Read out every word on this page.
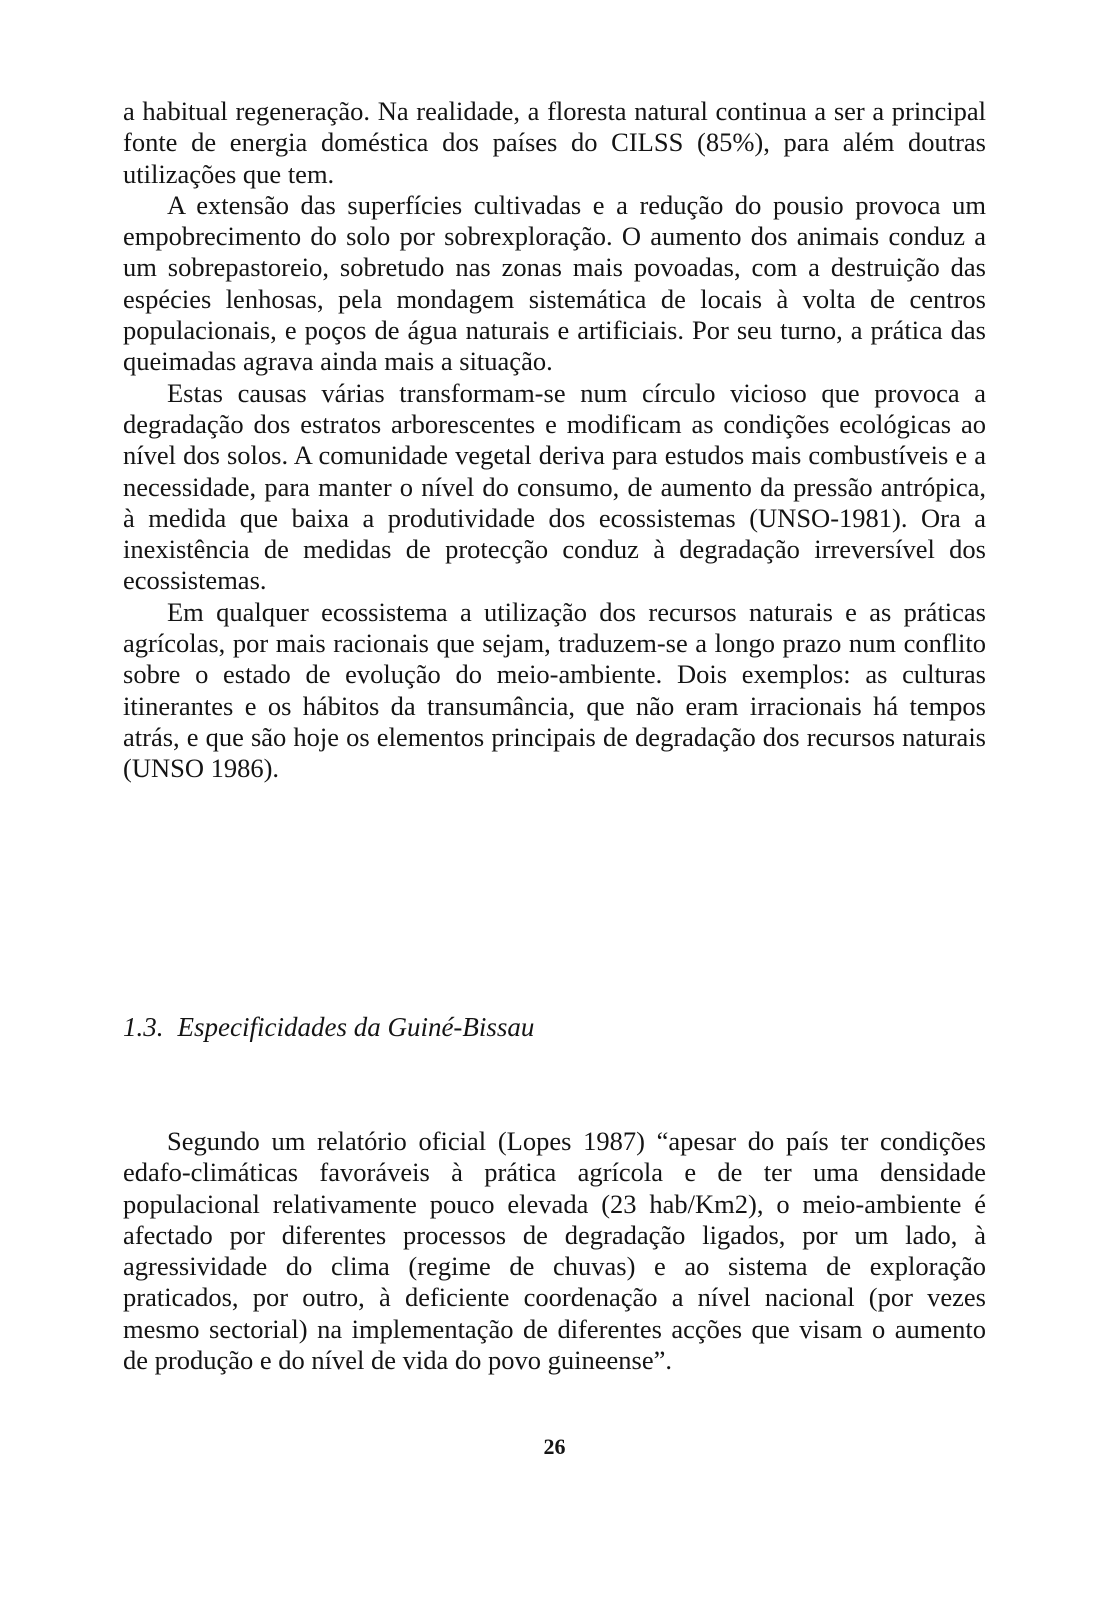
a habitual regeneração. Na realidade, a floresta natural continua a ser a principal fonte de energia doméstica dos países do CILSS (85%), para além doutras utilizações que tem.

A extensão das superfícies cultivadas e a redução do pousio provoca um empobrecimento do solo por sobrexploração. O aumento dos animais conduz a um sobrepastoreio, sobretudo nas zonas mais povoadas, com a destruição das espécies lenhosas, pela mondagem sistemática de locais à volta de centros populacionais, e poços de água naturais e artificiais. Por seu turno, a prática das queimadas agrava ainda mais a situação.

Estas causas várias transformam-se num círculo vicioso que provoca a degradação dos estratos arborescentes e modificam as condições ecológicas ao nível dos solos. A comunidade vegetal deriva para estudos mais combustíveis e a necessidade, para manter o nível do consumo, de aumento da pressão antrópica, à medida que baixa a produtividade dos ecossistemas (UNSO-1981). Ora a inexistência de medidas de protecção conduz à degradação irreversível dos ecossistemas.

Em qualquer ecossistema a utilização dos recursos naturais e as práticas agrícolas, por mais racionais que sejam, traduzem-se a longo prazo num conflito sobre o estado de evolução do meio-ambiente. Dois exemplos: as culturas itinerantes e os hábitos da transumância, que não eram irracionais há tempos atrás, e que são hoje os elementos principais de degradação dos recursos naturais (UNSO 1986).

1.3. Especificidades da Guiné-Bissau

Segundo um relatório oficial (Lopes 1987) “apesar do país ter condições edafo-climáticas favoráveis à prática agrícola e de ter uma densidade populacional relativamente pouco elevada (23 hab/Km2), o meio-ambiente é afectado por diferentes processos de degradação ligados, por um lado, à agressividade do clima (regime de chuvas) e ao sistema de exploração praticados, por outro, à deficiente coordenação a nível nacional (por vezes mesmo sectorial) na implementação de diferentes acções que visam o aumento de produção e do nível de vida do povo guineense”.

26
